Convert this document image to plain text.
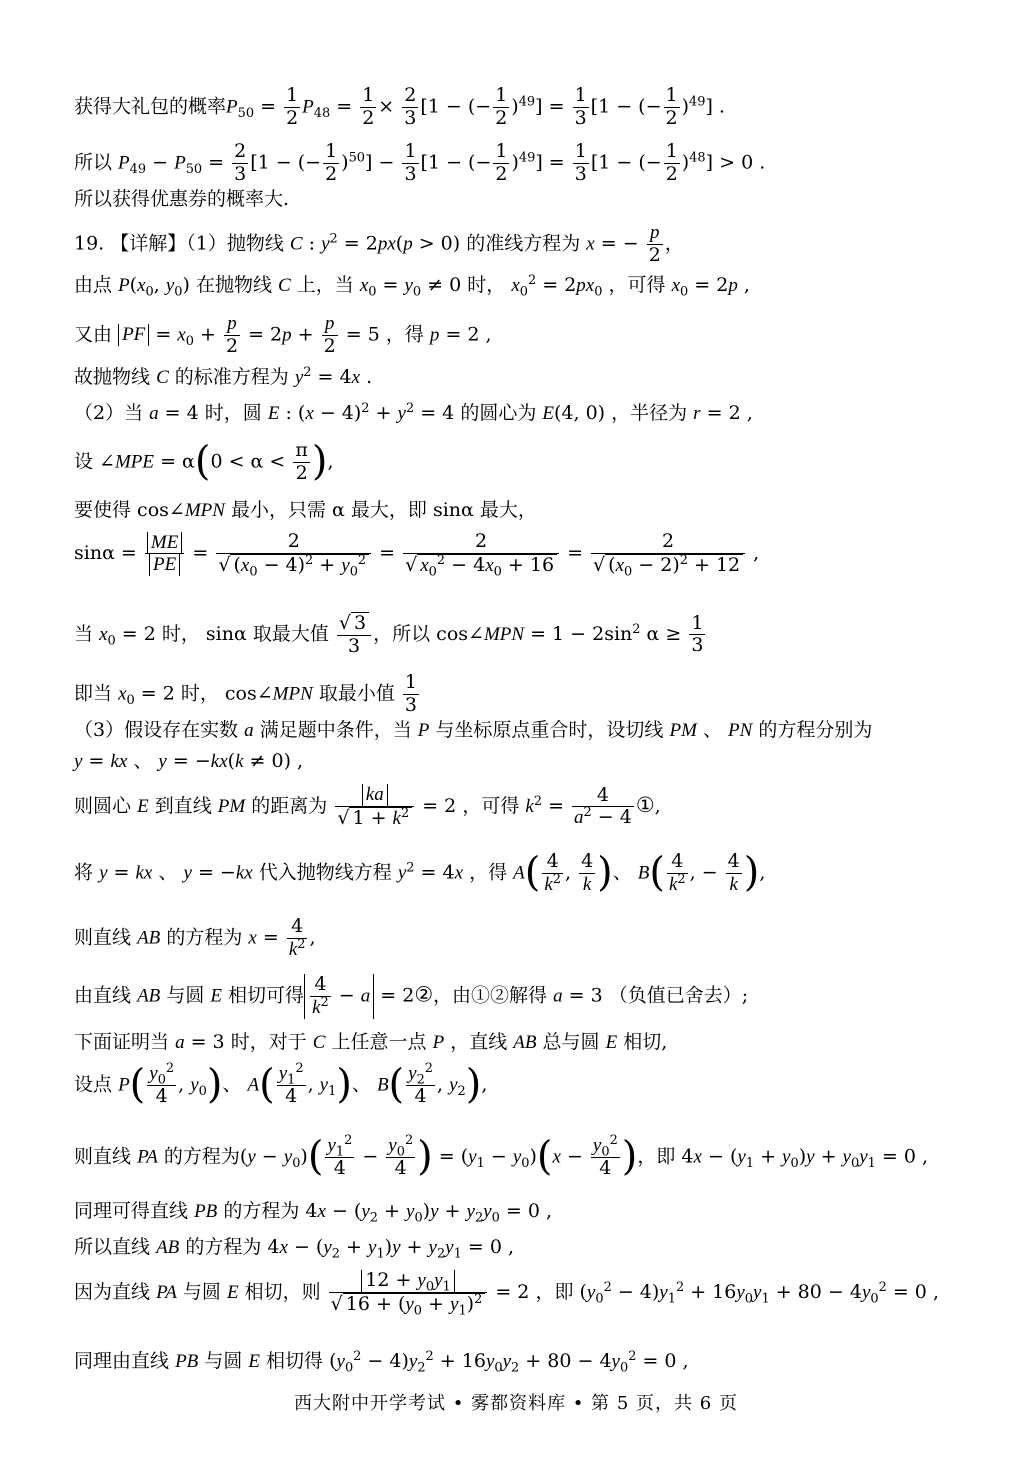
获得大礼包的概率$P_{50} = \frac{1}{2} P_{48} = \frac{1}{2} \times \frac{2}{3} [1$ − (− $\frac{1}{2} )^{49}] = \frac{1}{3} [1$ − (− $\frac{1}{2} )^{49}$] .
所以 $P_{49} - P_{50} = \frac{2}{3} [1$ − (− $\frac{1}{2} )^{50}] - \frac{1}{3} [1$ − (− $\frac{1}{2} )^{49}] = \frac{1}{3} [1$ − (− $\frac{1}{2} )^{48}] > 0$ .
所以获得优惠券的概率大.
19. 【详解】（1）抛物线 C : $y^2 = 2px(p > 0)$ 的准线方程为 x = − $\frac{p}{2}$ ，
由点 $P(x_0$, $y_0$) 在抛物线 C 上，当 $x_0 = y_0 \ne 0$ 时， $x_0^2 = 2px_0$ ，可得 $x_0 = 2p$ ,
又由 PF = $x_0 + \frac{p}{2} = 2p + \frac{p}{2} = 5$ ，得 p = 2 ,
故抛物线 C 的标准方程为 $y^2 = 4x$ .
（2）当 a = 4 时，圆 E : $(x - 4)^2 + y^2 = 4$ 的圆心为 E(4, 0) ，半径为 r = 2 ,
设 ∠MPE = $\alpha(0 < \alpha < \frac{\pi}{2}$ ),
要使得 cos∠MPN 最小，只需 α 最大，即 sinα 最大，
$\sin\alpha = \frac{ME}{PE} = \frac{2}{√ (x_0 - 4)^2 + y_0^2} = \frac{2}{√ x_0^2 - 4x_0 + 16} = \frac{2}{√ (x_0 - 2)^2 + 12}$ ,
当 $x_0 = 2$ 时， sinα 取最大值 $\frac{√ 3}{3}$ ，所以 cos∠MPN = $1 - 2\sin^2$ $\alpha \ge \frac{1}{3}$
即当 $x_0 = 2$ 时， cos∠MPN 取最小值 $\frac{1}{3}$
（3）假设存在实数 a 满足题中条件，当 P 与坐标原点重合时，设切线 PM 、 PN 的方程分别为
y = kx 、 y = −kx(k ≠ 0) ,
则圆心 E 到直线 PM 的距离为 $\frac{ka}{√ 1 + k^2} = 2$ ，可得 $k^2 = \frac{4}{a^2 - 4}$ ①,
将 y = kx 、 y = −kx 代入抛物线方程 $y^2 = 4x$ ，得 $A( \frac{4}{k^2}$ , $\frac{4}{k}$ )、 $B( \frac{4}{k^2}$ , − $\frac{4}{k}$ ),
则直线 AB 的方程为 $x = \frac{4}{k^2}$ ,
由直线 AB 与圆 E 相切可得 $\frac{4}{k^2} - a$ = 2②，由①②解得 a = 3 （负值已舍去）;
下面证明当 a = 3 时，对于 C 上任意一点 P ，直线 AB 总与圆 E 相切,
设点 $P( \frac{y_0^2}{4}$ , $y_0$)、 $A( \frac{y_1^2}{4}$ , $y_1$)、 $B( \frac{y_2^2}{4}$ , $y_2$),
则直线 PA 的方程为$(y - y_0)( \frac{y_1^2}{4} - \frac{y_0^2}{4}$ ) = $(y_1 - y_0)(x - \frac{y_0^2}{4}$ )，即 $4x - (y_1 + y_0)y + y_0y_1 = 0$ ,
同理可得直线 PB 的方程为 $4x - (y_2 + y_0)y + y_2y_0 = 0$ ,
所以直线 AB 的方程为 $4x - (y_2 + y_1)y + y_2y_1 = 0$ ,
因为直线 PA 与圆 E 相切，则 $\frac{12 + y_0y_1}{√ 16 + (y_0 + y_1)^2} = 2$ ，即 $(y_0^2 - 4)y_1^2 + 16y_0y_1 + 80 - 4y_0^2 = 0$ ,
同理由直线 PB 与圆 E 相切得 $(y_0^2 - 4)y_2^2 + 16y_0y_2 + 80 - 4y_0^2 = 0$ ,
西大附中开学考试 • 雾都资料库 • 第 5 页，共 6 页
